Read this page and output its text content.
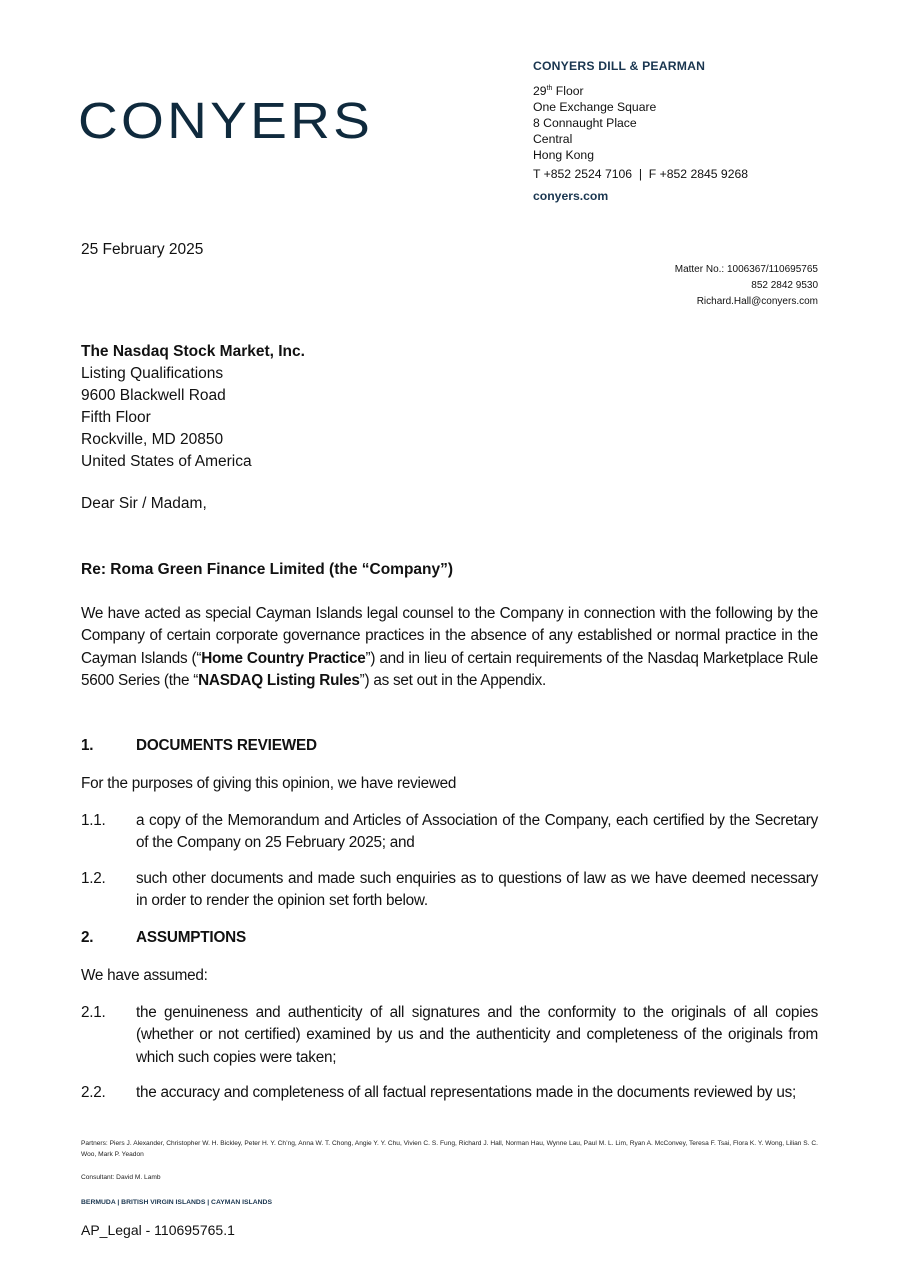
CONYERS
CONYERS DILL & PEARMAN
29th Floor
One Exchange Square
8 Connaught Place
Central
Hong Kong
T +852 2524 7106  |  F +852 2845 9268
conyers.com
25 February 2025
Matter No.: 1006367/110695765
852 2842 9530
Richard.Hall@conyers.com
The Nasdaq Stock Market, Inc.
Listing Qualifications
9600 Blackwell Road
Fifth Floor
Rockville, MD 20850
United States of America
Dear Sir / Madam,
Re: Roma Green Finance Limited (the “Company”)
We have acted as special Cayman Islands legal counsel to the Company in connection with the following by the Company of certain corporate governance practices in the absence of any established or normal practice in the Cayman Islands (“Home Country Practice”) and in lieu of certain requirements of the Nasdaq Marketplace Rule 5600 Series (the “NASDAQ Listing Rules”) as set out in the Appendix.
1.	DOCUMENTS REVIEWED
For the purposes of giving this opinion, we have reviewed
1.1. a copy of the Memorandum and Articles of Association of the Company, each certified by the Secretary of the Company on 25 February 2025; and
1.2. such other documents and made such enquiries as to questions of law as we have deemed necessary in order to render the opinion set forth below.
2.	ASSUMPTIONS
We have assumed:
2.1. the genuineness and authenticity of all signatures and the conformity to the originals of all copies (whether or not certified) examined by us and the authenticity and completeness of the originals from which such copies were taken;
2.2. the accuracy and completeness of all factual representations made in the documents reviewed by us;
Partners: Piers J. Alexander, Christopher W. H. Bickley, Peter H. Y. Ch’ng, Anna W. T. Chong, Angie Y. Y. Chu, Vivien C. S. Fung, Richard J. Hall, Norman Hau, Wynne Lau, Paul M. L. Lim, Ryan A. McConvey, Teresa F. Tsai, Flora K. Y. Wong, Lilian S. C. Woo, Mark P. Yeadon
Consultant: David M. Lamb
BERMUDA | BRITISH VIRGIN ISLANDS | CAYMAN ISLANDS
AP_Legal - 110695765.1
